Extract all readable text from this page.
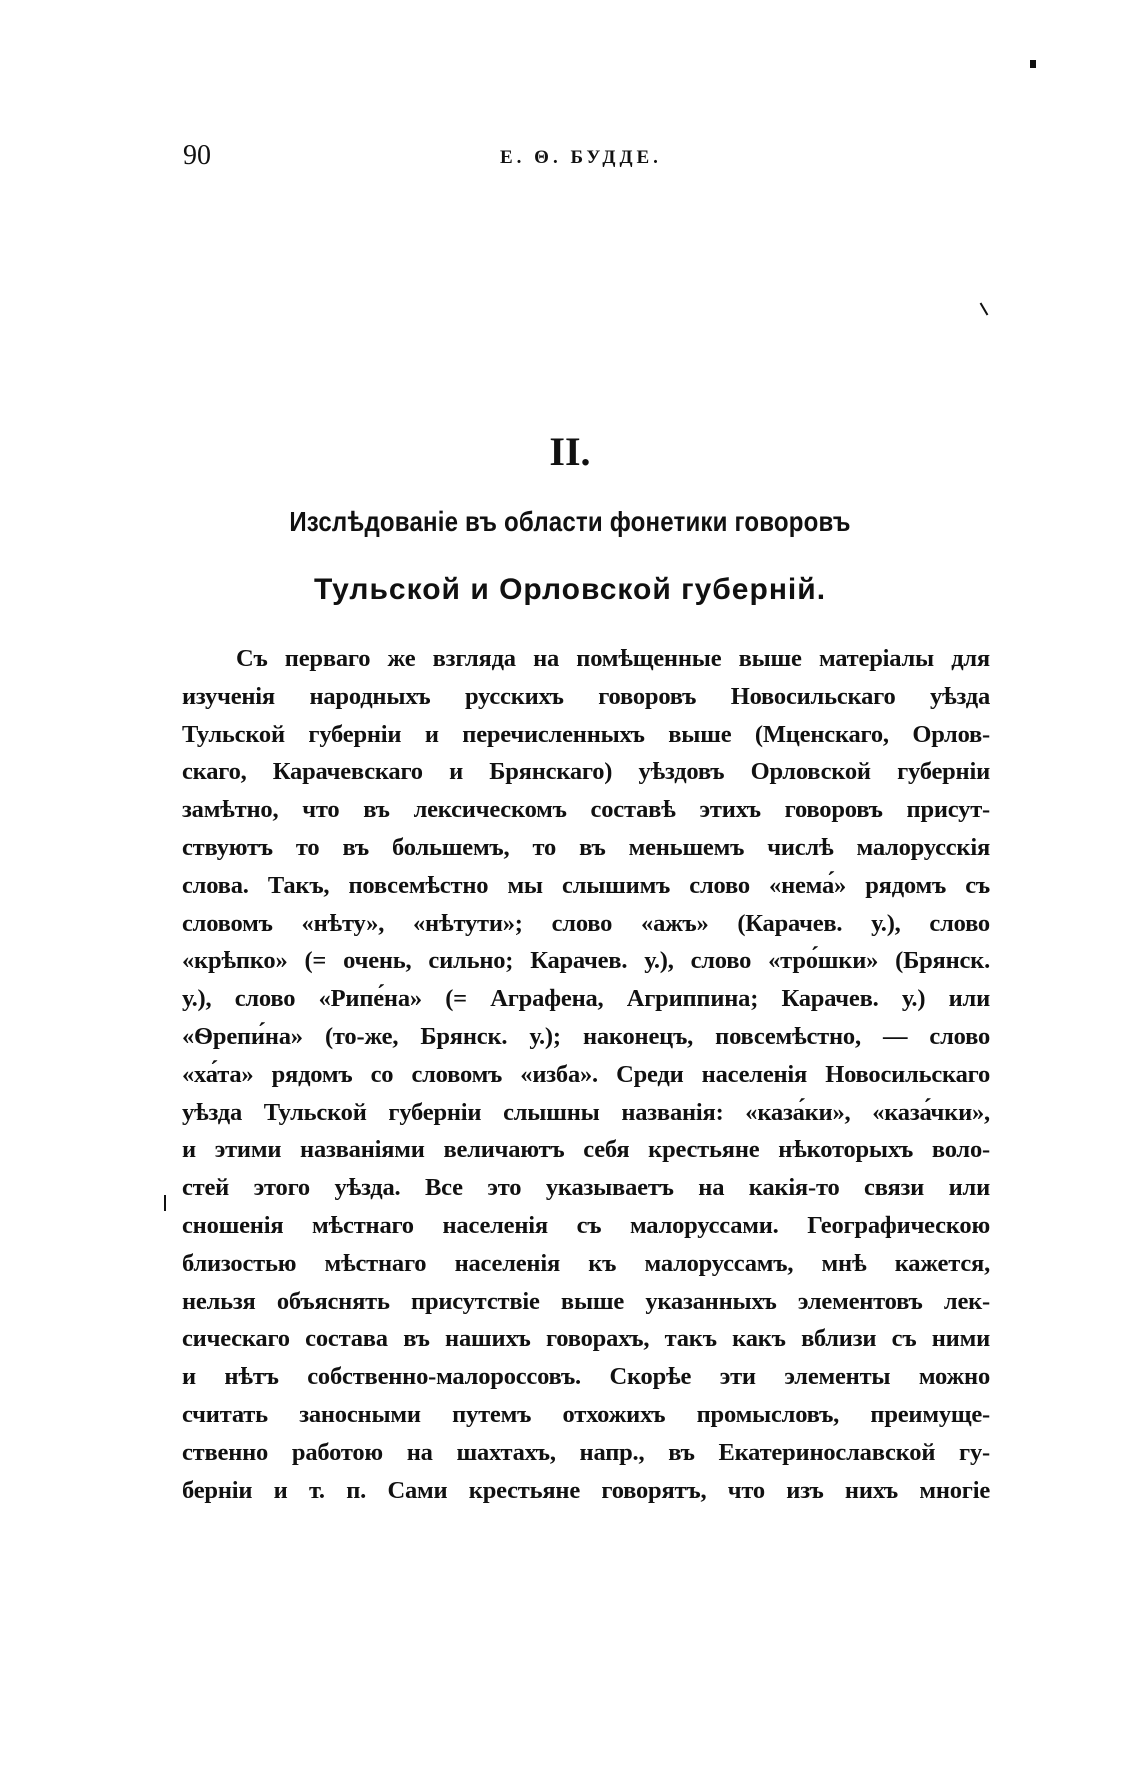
90	Е. Θ. БУДДЕ.
II.
Изслѣдованіе въ области фонетики говоровъ
Тульской и Орловской губерній.
Съ перваго же взгляда на помѣщенные выше матеріалы для
изученія народныхъ русскихъ говоровъ Новосильскаго уѣзда
Тульской губерніи и перечисленныхъ выше (Мценскаго, Орлов-
скаго, Карачевскаго и Брянскаго) уѣздовъ Орловской губерніи
замѣтно, что въ лексическомъ составѣ этихъ говоровъ присут-
ствуютъ то въ большемъ, то въ меньшемъ числѣ малорусскія
слова. Такъ, повсемѣстно мы слышимъ слово «нема́» рядомъ съ
словомъ «нѣту», «нѣтути»; слово «ажъ» (Карачев. у.), слово
«крѣпко» (= очень, сильно; Карачев. у.), слово «тро́шки» (Брянск.
у.), слово «Рипе́на» (= Аграфена, Агриппина; Карачев. у.) или
«Ѳрепи́на» (то-же, Брянск. у.); наконецъ, повсемѣстно, — слово
«ха́та» рядомъ со словомъ «изба». Среди населенія Новосильскаго
уѣзда Тульской губерніи слышны названія: «каза́ки», «каза́чки»,
и этими названіями величаютъ себя крестьяне нѣкоторыхъ воло-
стей этого уѣзда. Все это указываетъ на какія-то связи или
сношенія мѣстнаго населенія съ малоруссами. Географическою
близостью мѣстнаго населенія къ малоруссамъ, мнѣ кажется,
нельзя объяснять присутствіе выше указанныхъ элементовъ лек-
сическаго состава въ нашихъ говорахъ, такъ какъ вблизи съ ними
и нѣтъ собственно-малороссовъ. Скорѣе эти элементы можно
считать заносными путемъ отхожихъ промысловъ, преимуще-
ственно работою на шахтахъ, напр., въ Екатеринославской гу-
берніи и т. п. Сами крестьяне говорятъ, что изъ нихъ многіе
